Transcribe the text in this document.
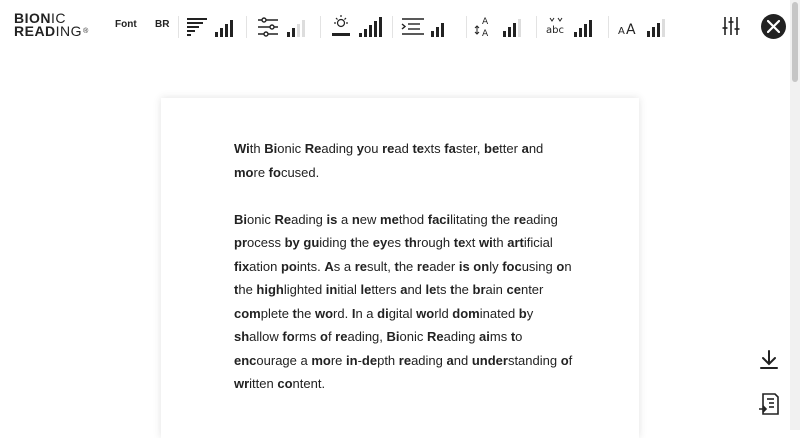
BIONIC
READING®
Font BR	A
A	abc	A A

With Bionic Reading you read texts faster, better and more focused.

Bionic Reading is a new method facilitating the reading process by guiding the eyes through text with artificial fixation points. As a result, the reader is only focusing on the highlighted initial letters and lets the brain center complete the word. In a digital world dominated by shallow forms of reading, Bionic Reading aims to encourage a more in-depth reading and understanding of written content.
